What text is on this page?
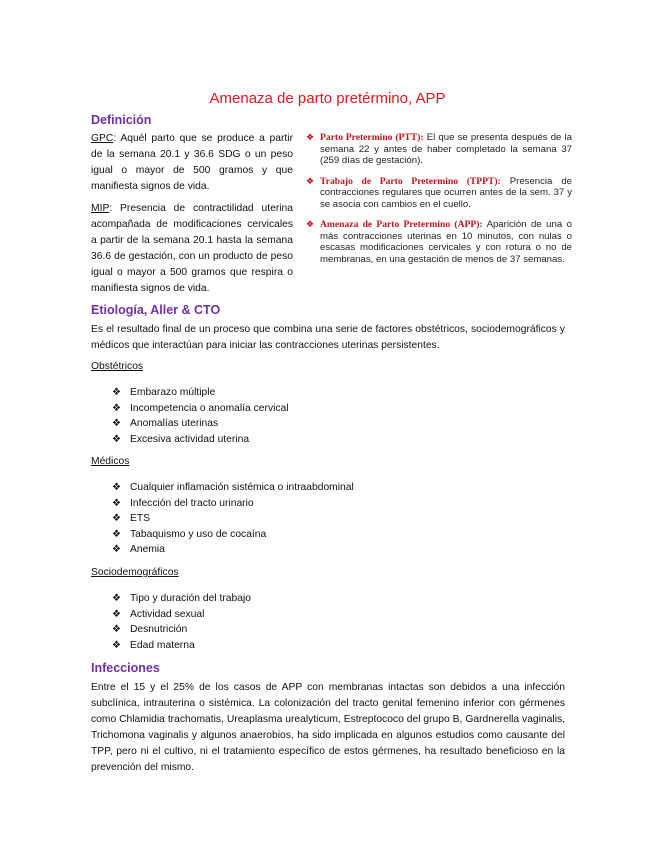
Amenaza de parto pretérmino, APP
Definición
GPC: Aquél parto que se produce a partir de la semana 20.1 y 36.6 SDG o un peso igual o mayor de 500 gramos y que manifiesta signos de vida.
MIP: Presencia de contractilidad uterina acompañada de modificaciones cervicales a partir de la semana 20.1 hasta la semana 36.6 de gestación, con un producto de peso igual o mayor a 500 gramos que respira o manifiesta signos de vida.
❖ Parto Pretermino (PTT): El que se presenta después de la semana 22 y antes de haber completado la semana 37 (259 días de gestación).
❖ Trabajo de Parto Pretermino (TPPT): Presencia de contracciones regulares que ocurren antes de la sem. 37 y se asocia con cambios en el cuello.
❖ Amenaza de Parto Pretermino (APP): Aparición de una o más contracciones uterinas en 10 minutos, con nulas o escasas modificaciones cervicales y con rotura o no de membranas, en una gestación de menos de 37 semanas.
Etiología, Aller & CTO
Es el resultado final de un proceso que combina una serie de factores obstétricos, sociodemográficos y médicos que interactúan para iniciar las contracciones uterinas persistentes.
Obstétricos
❖ Embarazo múltiple
❖ Incompetencia o anomalía cervical
❖ Anomalías uterinas
❖ Excesiva actividad uterina
Médicos
❖ Cualquier inflamación sistémica o intraabdominal
❖ Infección del tracto urinario
❖ ETS
❖ Tabaquismo y uso de cocaína
❖ Anemia
Sociodemográficos
❖ Tipo y duración del trabajo
❖ Actividad sexual
❖ Desnutrición
❖ Edad materna
Infecciones
Entre el 15 y el 25% de los casos de APP con membranas intactas son debidos a una infección subclínica, intrauterina o sistémica. La colonización del tracto genital femenino inferior con gérmenes como Chlamidia trachomatis, Ureaplasma urealyticum, Estreptococo del grupo B, Gardnerella vaginalis, Trichomona vaginalis y algunos anaerobios, ha sido implicada en algunos estudios como causante del TPP, pero ni el cultivo, ni el tratamiento específico de estos gérmenes, ha resultado beneficioso en la prevención del mismo.
